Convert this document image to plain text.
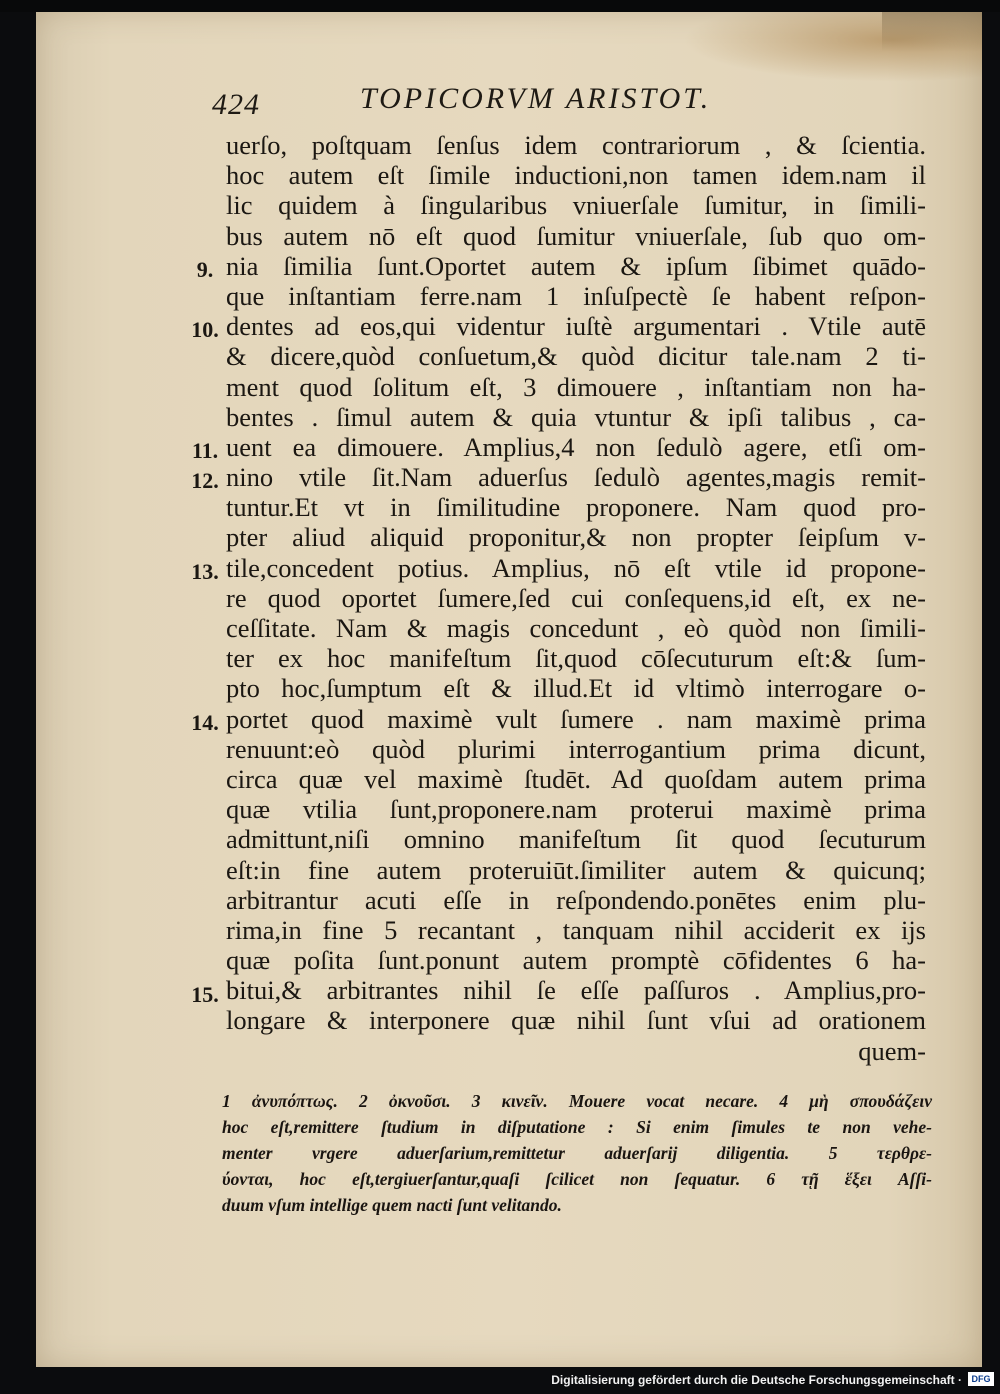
424	TOPICORVM ARISTOT.
uerſo, poſtquam ſenſus idem contrariorum , & ſcientia.
hoc autem eſt ſimile inductioni,non tamen idem.nam il
lic quidem à ſingularibus vniuerſale ſumitur, in ſimili-
bus autem nō eſt quod ſumitur vniuerſale, ſub quo om-
nia ſimilia ſunt.Oportet autem & ipſum ſibimet quādo-
que inſtantiam ferre.nam 1 inſuſpectè ſe habent reſpon-
dentes ad eos,qui videntur iuſtè argumentari . Vtile autē
& dicere,quòd conſuetum,& quòd dicitur tale.nam 2 ti-
ment quod ſolitum eſt, 3 dimouere , inſtantiam non ha-
bentes . ſimul autem & quia vtuntur & ipſi talibus , ca-
uent ea dimouere. Amplius,4 non ſedulò agere, etſi om-
nino vtile ſit.Nam aduerſus ſedulò agentes,magis remit-
tuntur.Et vt in ſimilitudine proponere. Nam quod pro-
pter aliud aliquid proponitur,& non propter ſeipſum v-
tile,concedent potius. Amplius, nō eſt vtile id propone-
re quod oportet ſumere,ſed cui conſequens,id eſt, ex ne-
ceſſitate. Nam & magis concedunt , eò quòd non ſimili-
ter ex hoc manifeſtum ſit,quod cōſecuturum eſt:& ſum-
pto hoc,ſumptum eſt & illud.Et id vltimò interrogare o-
portet quod maximè vult ſumere . nam maximè prima
renuunt:eò quòd plurimi interrogantium prima dicunt,
circa quæ vel maximè ſtudēt. Ad quoſdam autem prima
quæ vtilia ſunt,proponere.nam proterui maximè prima
admittunt,niſi omnino manifeſtum ſit quod ſecuturum
eſt:in fine autem proteruiūt.ſimiliter autem & quicunq;
arbitrantur acuti eſſe in reſpondendo.ponētes enim plu-
rima,in fine 5 recantant , tanquam nihil acciderit ex ijs
quæ poſita ſunt.ponunt autem promptè cōfidentes 6 ha-
bitui,& arbitrantes nihil ſe eſſe paſſuros . Amplius,pro-
longare & interponere quæ nihil ſunt vſui ad orationem
quem-
9.
10.
11.
12.
13.
14.
15.
1 ἀνυπόπτως. 2 ὀκνοῦσι. 3 κινεῖν. Mouere vocat necare. 4 μὴ σπουδάζειν
hoc eſt,remittere ſtudium in diſputatione : Si enim ſimules te non vehe-
menter vrgere aduerſarium,remittetur aduerſarij diligentia. 5 τερθρε-
ύονται, hoc eſt,tergiuerſantur,quaſi ſcilicet non ſequatur. 6 τῇ ἕξει Aſſi-
duum vſum intellige quem nacti ſunt velitando.
Digitalisierung gefördert durch die Deutsche Forschungsgemeinschaft ·	DFG
